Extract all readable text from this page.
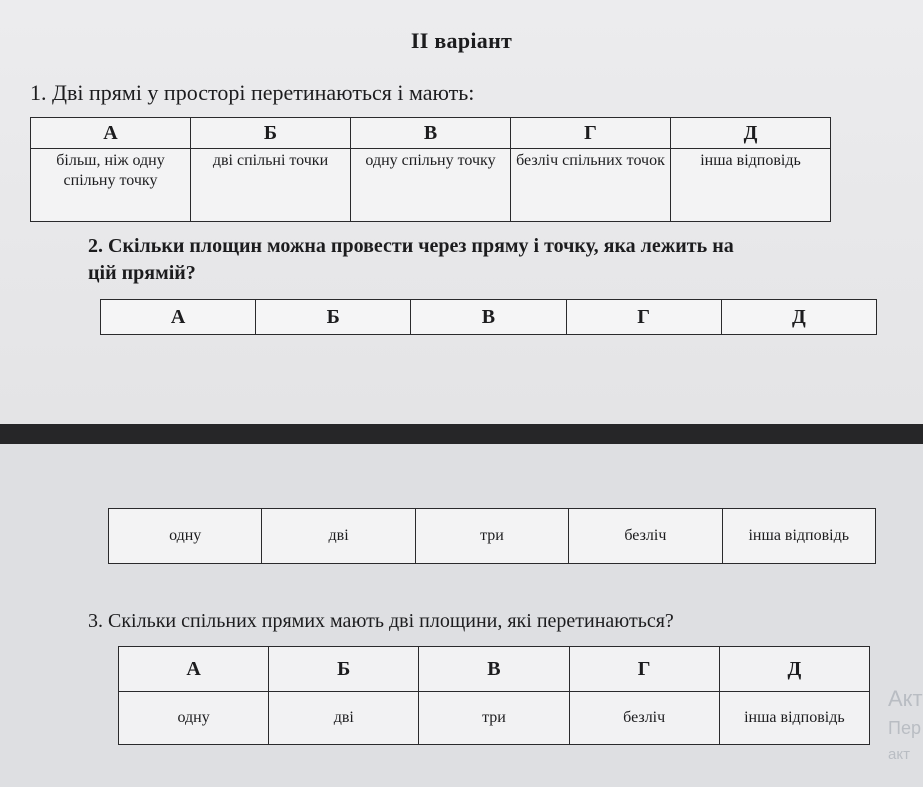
II варіант
1. Дві прямі у просторі перетинаються і мають:
А	Б	В	Г	Д
більш, ніж одну спільну точку	дві спільні точки	одну спільну точку	безліч спільних точок	інша відповідь
2. Скільки площин можна провести через пряму і точку, яка лежить на
цій прямій?
А	Б	В	Г	Д
одну	дві	три	безліч	інша відповідь
3. Скільки спільних прямих мають дві площини, які перетинаються?
А	Б	В	Г	Д
одну	дві	три	безліч	інша відповідь
Акт
Пер
акт
